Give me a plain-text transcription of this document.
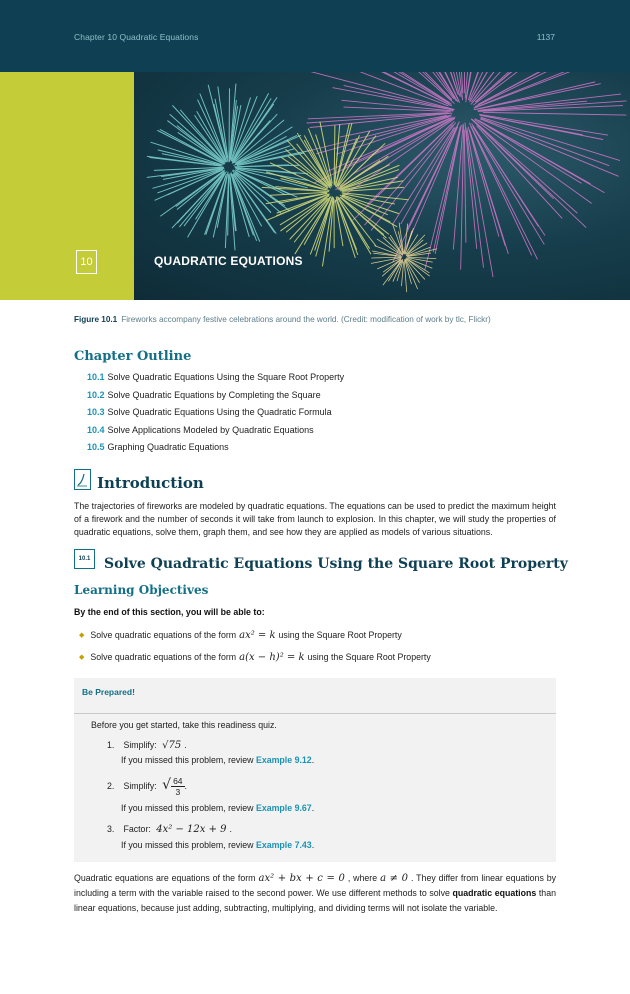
Chapter 10 Quadratic Equations	1137
10	QUADRATIC EQUATIONS
Figure 10.1 Fireworks accompany festive celebrations around the world. (Credit: modification of work by tlc, Flickr)
Chapter Outline
10.1 Solve Quadratic Equations Using the Square Root Property
10.2 Solve Quadratic Equations by Completing the Square
10.3 Solve Quadratic Equations Using the Quadratic Formula
10.4 Solve Applications Modeled by Quadratic Equations
10.5 Graphing Quadratic Equations
Introduction

The trajectories of fireworks are modeled by quadratic equations. The equations can be used to predict the maximum height of a firework and the number of seconds it will take from launch to explosion. In this chapter, we will study the properties of quadratic equations, solve them, graph them, and see how they are applied as models of various situations.

10.1 Solve Quadratic Equations Using the Square Root Property
Learning Objectives
By the end of this section, you will be able to:
◆ Solve quadratic equations of the form ax² = k using the Square Root Property
◆ Solve quadratic equations of the form a(x − h)² = k using the Square Root Property
Be Prepared!
Before you get started, take this readiness quiz.
1. Simplify: √75 .
If you missed this problem, review Example 9.12.
2. Simplify: √ $\frac{64}{3}$ .
If you missed this problem, review Example 9.67.
3. Factor: 4x² − 12x + 9 .
If you missed this problem, review Example 7.43.

Quadratic equations are equations of the form ax² + bx + c = 0 , where a ≠ 0 . They differ from linear equations by including a term with the variable raised to the second power. We use different methods to solve quadratic equations than linear equations, because just adding, subtracting, multiplying, and dividing terms will not isolate the variable.
